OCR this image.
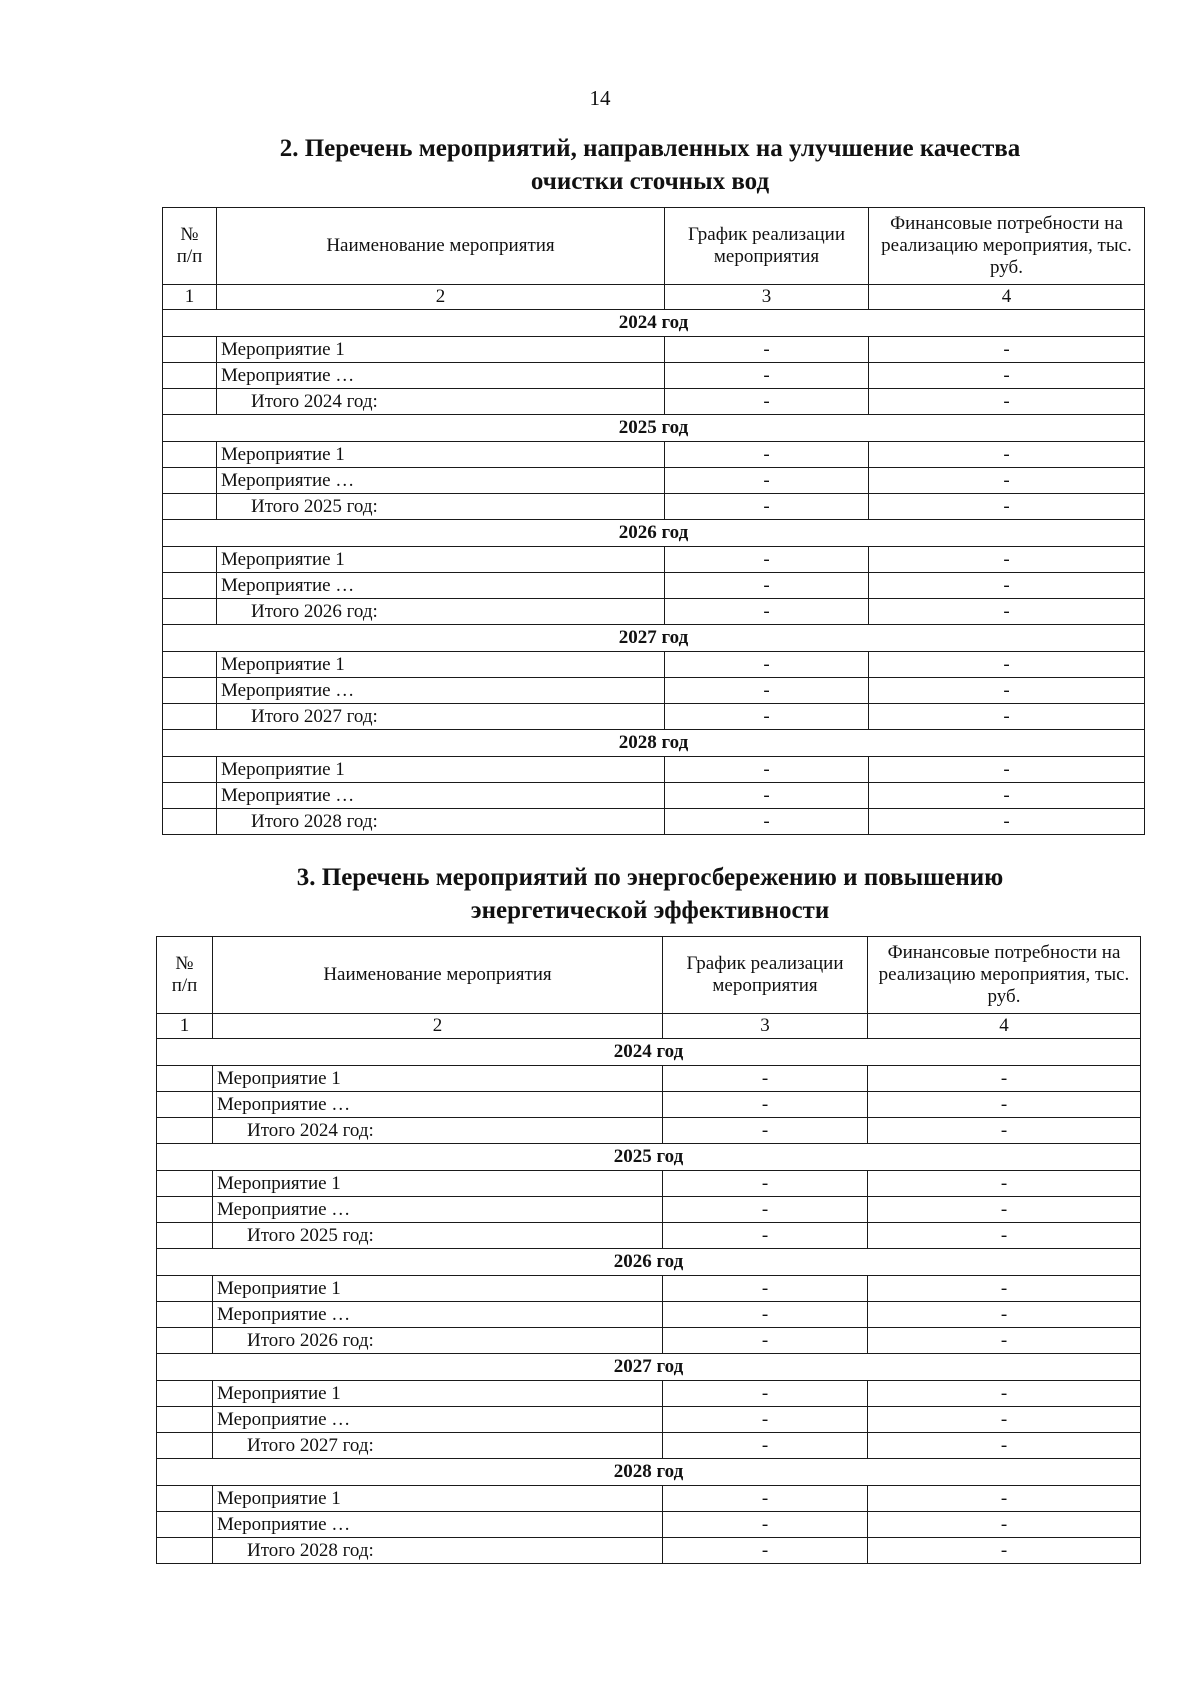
14
2. Перечень мероприятий, направленных на улучшение качества
очистки сточных вод
№
п/п	Наименование мероприятия	График реализации мероприятия	Финансовые потребности на реализацию мероприятия, тыс. руб.
1	2	3	4
2024 год			
	Мероприятие 1	-	-
	Мероприятие …	-	-
	Итого 2024 год:	-	-
2025 год			
	Мероприятие 1	-	-
	Мероприятие …	-	-
	Итого 2025 год:	-	-
2026 год			
	Мероприятие 1	-	-
	Мероприятие …	-	-
	Итого 2026 год:	-	-
2027 год			
	Мероприятие 1	-	-
	Мероприятие …	-	-
	Итого 2027 год:	-	-
2028 год			
	Мероприятие 1	-	-
	Мероприятие …	-	-
	Итого 2028 год:	-	-
3. Перечень мероприятий по энергосбережению и повышению
энергетической эффективности
№
п/п	Наименование мероприятия	График реализации мероприятия	Финансовые потребности на реализацию мероприятия, тыс. руб.
1	2	3	4
2024 год			
	Мероприятие 1	-	-
	Мероприятие …	-	-
	Итого 2024 год:	-	-
2025 год			
	Мероприятие 1	-	-
	Мероприятие …	-	-
	Итого 2025 год:	-	-
2026 год			
	Мероприятие 1	-	-
	Мероприятие …	-	-
	Итого 2026 год:	-	-
2027 год			
	Мероприятие 1	-	-
	Мероприятие …	-	-
	Итого 2027 год:	-	-
2028 год			
	Мероприятие 1	-	-
	Мероприятие …	-	-
	Итого 2028 год:	-	-
